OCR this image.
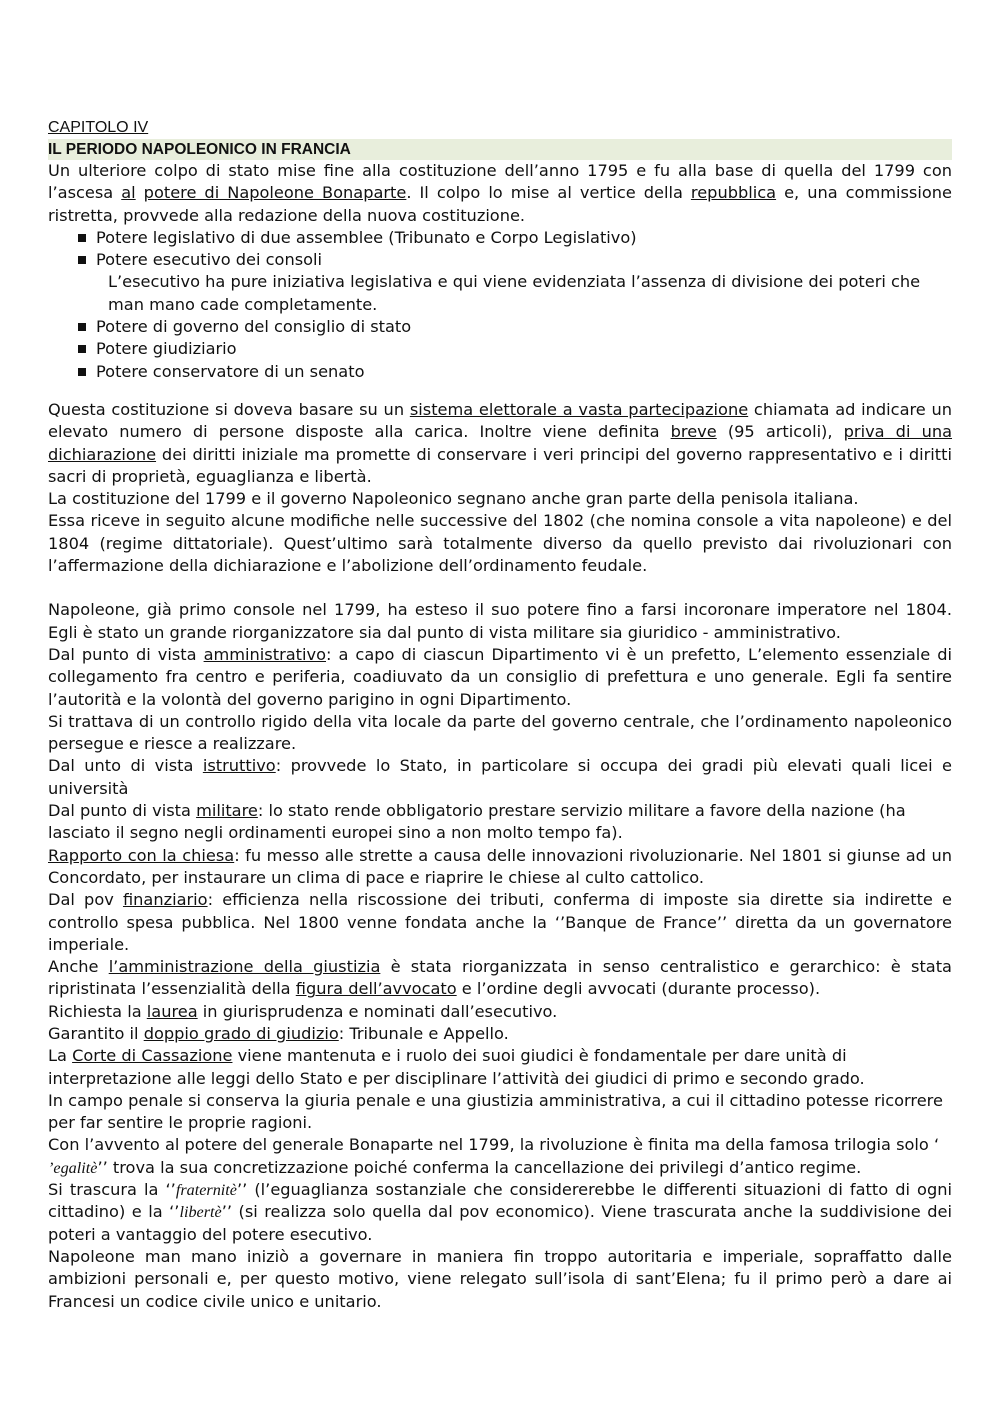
CAPITOLO IV
IL PERIODO NAPOLEONICO IN FRANCIA

Un ulteriore colpo di stato mise fine alla costituzione dell’anno 1795 e fu alla base di quella del 1799 con l’ascesa al potere di Napoleone Bonaparte. Il colpo lo mise al vertice della repubblica e, una commissione ristretta, provvede alla redazione della nuova costituzione.

Potere legislativo di due assemblee (Tribunato e Corpo Legislativo)
Potere esecutivo dei consoli

L’esecutivo ha pure iniziativa legislativa e qui viene evidenziata l’assenza di divisione dei poteri che man mano cade completamente.

Potere di governo del consiglio di stato
Potere giudiziario
Potere conservatore di un senato

Questa costituzione si doveva basare su un sistema elettorale a vasta partecipazione chiamata ad indicare un elevato numero di persone disposte alla carica. Inoltre viene definita breve (95 articoli), priva di una dichiarazione dei diritti iniziale ma promette di conservare i veri principi del governo rappresentativo e i diritti sacri di proprietà, eguaglianza e libertà.

La costituzione del 1799 e il governo Napoleonico segnano anche gran parte della penisola italiana.

Essa riceve in seguito alcune modifiche nelle successive del 1802 (che nomina console a vita napoleone) e del 1804 (regime dittatoriale). Quest’ultimo sarà totalmente diverso da quello previsto dai rivoluzionari con l’affermazione della dichiarazione e l’abolizione dell’ordinamento feudale.

Napoleone, già primo console nel 1799, ha esteso il suo potere fino a farsi incoronare imperatore nel 1804. Egli è stato un grande riorganizzatore sia dal punto di vista militare sia giuridico - amministrativo.

Dal punto di vista amministrativo: a capo di ciascun Dipartimento vi è un prefetto, L’elemento essenziale di collegamento fra centro e periferia, coadiuvato da un consiglio di prefettura e uno generale. Egli fa sentire l’autorità e la volontà del governo parigino in ogni Dipartimento.

Si trattava di un controllo rigido della vita locale da parte del governo centrale, che l’ordinamento napoleonico persegue e riesce a realizzare.

Dal unto di vista istruttivo: provvede lo Stato, in particolare si occupa dei gradi più elevati quali licei e università

Dal punto di vista militare: lo stato rende obbligatorio prestare servizio militare a favore della nazione (ha lasciato il segno negli ordinamenti europei sino a non molto tempo fa).

Rapporto con la chiesa: fu messo alle strette a causa delle innovazioni rivoluzionarie. Nel 1801 si giunse ad un Concordato, per instaurare un clima di pace e riaprire le chiese al culto cattolico.

Dal pov finanziario: efficienza nella riscossione dei tributi, conferma di imposte sia dirette sia indirette e controllo spesa pubblica. Nel 1800 venne fondata anche la ‘’Banque de France’’ diretta da un governatore imperiale.

Anche l’amministrazione della giustizia è stata riorganizzata in senso centralistico e gerarchico: è stata ripristinata l’essenzialità della figura dell’avvocato e l’ordine degli avvocati (durante processo).

Richiesta la laurea in giurisprudenza e nominati dall’esecutivo.

Garantito il doppio grado di giudizio: Tribunale e Appello.

La Corte di Cassazione viene mantenuta e i ruolo dei suoi giudici è fondamentale per dare unità di interpretazione alle leggi dello Stato e per disciplinare l’attività dei giudici di primo e secondo grado.

In campo penale si conserva la giuria penale e una giustizia amministrativa, a cui il cittadino potesse ricorrere per far sentire le proprie ragioni.

Con l’avvento al potere del generale Bonaparte nel 1799, la rivoluzione è finita ma della famosa trilogia solo ‘ ’egalitè’’ trova la sua concretizzazione poiché conferma la cancellazione dei privilegi d’antico regime.

Si trascura la ‘’fraternitè’’ (l’eguaglianza sostanziale che considererebbe le differenti situazioni di fatto di ogni cittadino) e la ‘’libertè’’ (si realizza solo quella dal pov economico). Viene trascurata anche la suddivisione dei poteri a vantaggio del potere esecutivo.

Napoleone man mano iniziò a governare in maniera fin troppo autoritaria e imperiale, sopraffatto dalle ambizioni personali e, per questo motivo, viene relegato sull’isola di sant’Elena; fu il primo però a dare ai Francesi un codice civile unico e unitario.
